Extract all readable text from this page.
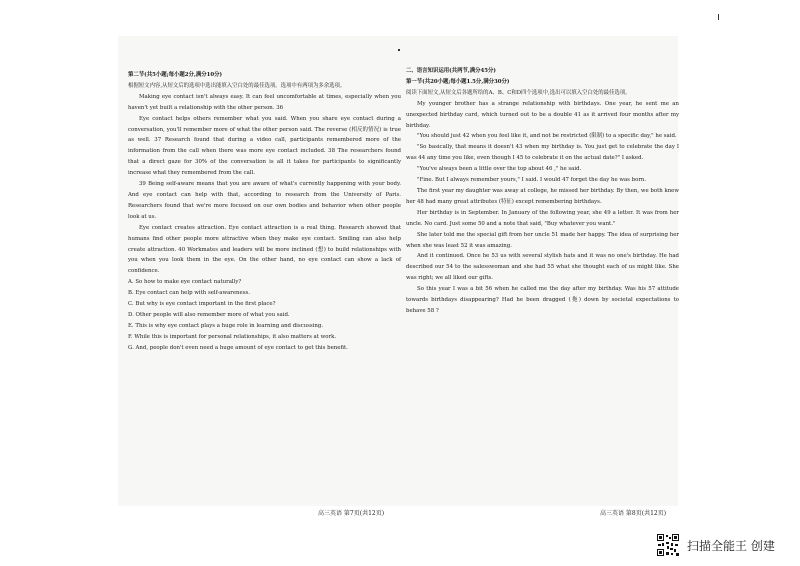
第二节(共5小题;每小题2分,满分10分)

根据短文内容,从短文后的选项中选出能填入空白处的最佳选项。选项中有两项为多余选项。

Making eye contact isn't always easy. It can feel uncomfortable at times, especially when you haven't yet built a relationship with the other person. 36

Eye contact helps others remember what you said. When you share eye contact during a conversation, you'll remember more of what the other person said. The reverse (相反的情况) is true as well. 37 Research found that during a video call, participants remembered more of the information from the call when there was more eye contact included. 38 The researchers found that a direct gaze for 30% of the conversation is all it takes for participants to significantly increase what they remembered from the call.

39 Being self-aware means that you are aware of what's currently happening with your body. And eye contact can help with that, according to research from the University of Paris. Researchers found that we're more focused on our own bodies and behavior when other people look at us.

Eye contact creates attraction. Eye contact attraction is a real thing. Research showed that humans find other people more attractive when they make eye contact. Smiling can also help create attraction. 40 Workmates and leaders will be more inclined (想) to build relationships with you when you look them in the eye. On the other hand, no eye contact can show a lack of confidence.

A. So how to make eye contact naturally?

B. Eye contact can help with self-awareness.

C. But why is eye contact important in the first place?

D. Other people will also remember more of what you said.

E. This is why eye contact plays a huge role in learning and discussing.

F. While this is important for personal relationships, it also matters at work.

G. And, people don't even need a huge amount of eye contact to get this benefit.

二、语言知识运用(共两节,满分45分)

第一节(共20小题;每小题1.5分,满分30分)

阅读下面短文,从短文后各题所给的A、B、C和D四个选项中,选出可以填入空白处的最佳选项。

My younger brother has a strange relationship with birthdays. One year, he sent me an unexpected birthday card, which turned out to be a double 41 as it arrived four months after my birthday.

"You should just 42 when you feel like it, and not be restricted (限制) to a specific day," he said.

"So basically, that means it doesn't 43 when my birthday is. You just get to celebrate the day I was 44 any time you like, even though I 45 to celebrate it on the actual date?" I asked.

"You've always been a little over the top about 46 ," he said.

"Fine. But I always remember yours," I said. I would 47 forget the day he was born.

The first year my daughter was away at college, he missed her birthday. By then, we both knew her 48 had many great attributes (特征) except remembering birthdays.

Her birthday is in September. In January of the following year, she 49 a letter. It was from her uncle. No card. Just some 50 and a note that said, "Buy whatever you want."

She later told me the special gift from her uncle 51 made her happy. The idea of surprising her when she was least 52 it was amazing.

And it continued. Once he 53 us with several stylish hats and it was no one's birthday. He had described our 54 to the salesswoman and she had 55 what she thought each of us might like. She was right; we all liked our gifts.

So this year I was a bit 56 when he called me the day after my birthday. Was his 57 attitude towards birthdays disappearing? Had he been dragged (拖) down by societal expectations to behave 58 ?

高三英语 第7页(共12页)	高三英语 第8页(共12页)
扫描全能王 创建
